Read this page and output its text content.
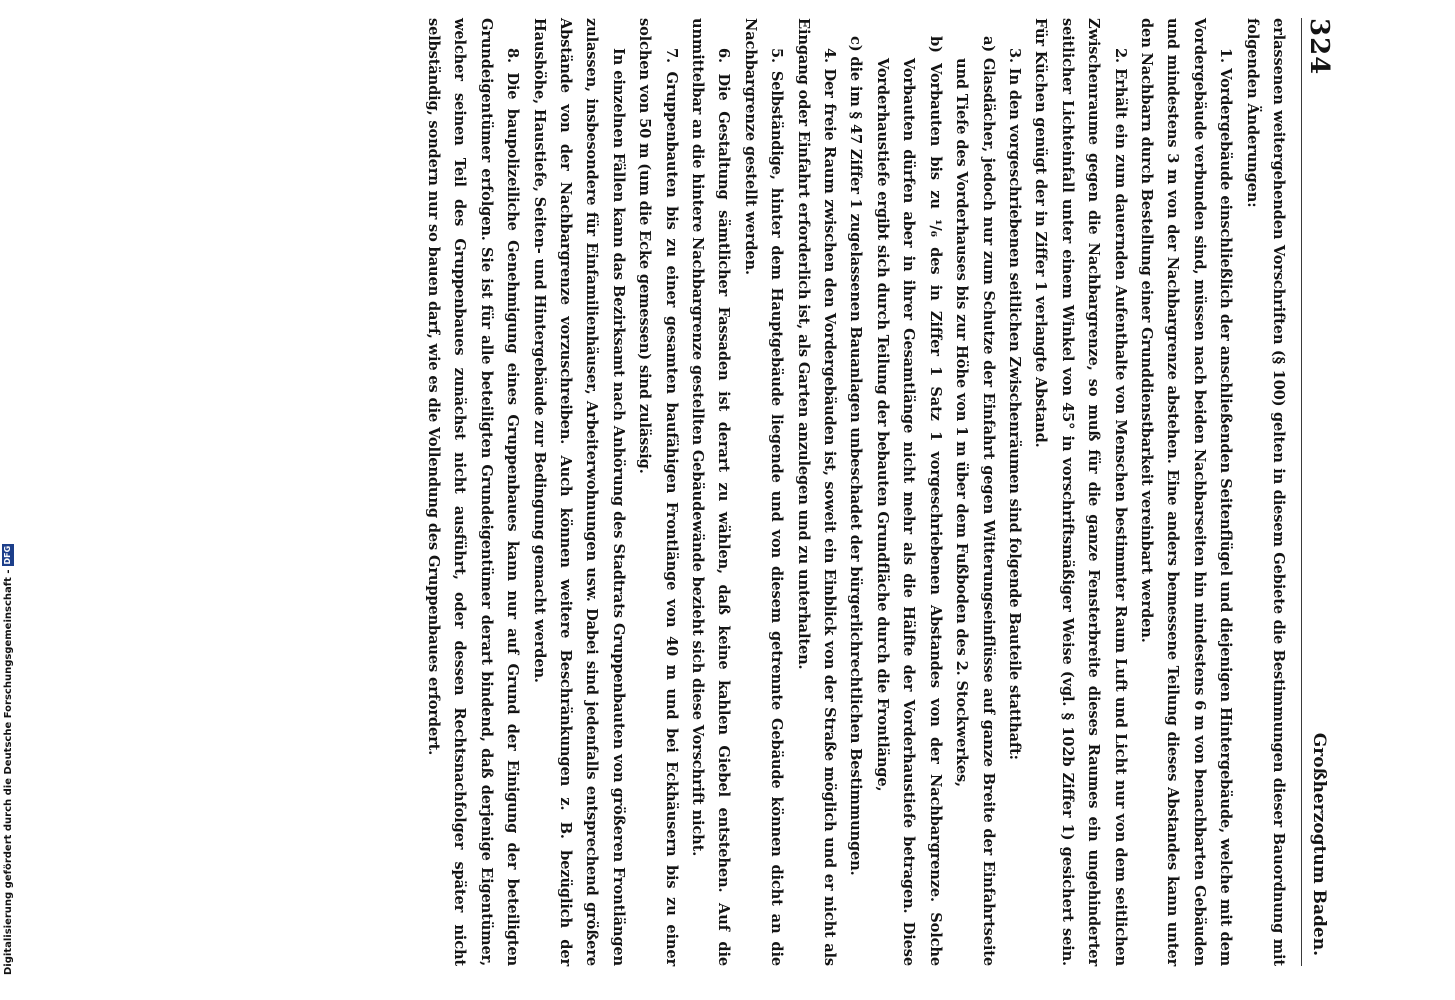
324
Großherzogtum Baden.

erlassenen weitergehenden Vorschriften (§ 100) gelten in diesem Gebiete die Bestimmungen dieser Bauordnung mit folgenden Änderungen:

1. Vordergebäude einschließlich der anschließenden Seitenflügel und diejenigen Hintergebäude, welche mit dem Vordergebäude verbunden sind, müssen nach beiden Nachbarseiten hin mindestens 6 m von benachbarten Gebäuden und mindestens 3 m von der Nachbargrenze abstehen. Eine anders bemessene Teilung dieses Abstandes kann unter den Nachbarn durch Bestellung einer Grunddienstbarkeit vereinbart werden.

2. Erhält ein zum dauernden Aufenthalte von Menschen bestimmter Raum Luft und Licht nur von dem seitlichen Zwischenraume gegen die Nachbargrenze, so muß für die ganze Fensterbreite dieses Raumes ein ungehinderter seitlicher Lichteinfall unter einem Winkel von 45° in vorschriftsmäßiger Weise (vgl. § 102b Ziffer 1) gesichert sein. Für Küchen genügt der in Ziffer 1 verlangte Abstand.

3. In den vorgeschriebenen seitlichen Zwischenräumen sind folgende Bauteile statthaft:

a) Glasdächer, jedoch nur zum Schutze der Einfahrt gegen Witterungseinflüsse auf ganze Breite der Einfahrtseite und Tiefe des Vorderhauses bis zur Höhe von 1 m über dem Fußboden des 2. Stockwerkes,

b) Vorbauten bis zu ¹/₆ des in Ziffer 1 Satz 1 vorgeschriebenen Abstandes von der Nachbargrenze. Solche Vorbauten dürfen aber in ihrer Gesamtlänge nicht mehr als die Hälfte der Vorderhaustiefe betragen. Diese Vorderhaustiefe ergibt sich durch Teilung der bebauten Grundfläche durch die Frontlänge,

c) die im § 47 Ziffer 1 zugelassenen Bauanlagen unbeschadet der bürgerlichrechtlichen Bestimmungen.

4. Der freie Raum zwischen den Vordergebäuden ist, soweit ein Einblick von der Straße möglich und er nicht als Eingang oder Einfahrt erforderlich ist, als Garten anzulegen und zu unterhalten.

5. Selbständige, hinter dem Hauptgebäude liegende und von diesem getrennte Gebäude können dicht an die Nachbargrenze gestellt werden.

6. Die Gestaltung sämtlicher Fassaden ist derart zu wählen, daß keine kahlen Giebel entstehen. Auf die unmittelbar an die hintere Nachbargrenze gestellten Gebäudewände bezieht sich diese Vorschrift nicht.

7. Gruppenbauten bis zu einer gesamten baufähigen Frontlänge von 40 m und bei Eckhäusern bis zu einer solchen von 50 m (um die Ecke gemessen) sind zulässig.

In einzelnen Fällen kann das Bezirksamt nach Anhörung des Stadtrats Gruppenbauten von größeren Frontlängen zulassen, insbesondere für Einfamilienhäuser, Arbeiterwohnungen usw. Dabei sind jedenfalls entsprechend größere Abstände von der Nachbargrenze vorzuschreiben. Auch können weitere Beschränkungen z. B. bezüglich der Haushöhe, Haustiefe, Seiten- und Hintergebäude zur Bedingung gemacht werden.

8. Die baupolizeiliche Genehmigung eines Gruppenbaues kann nur auf Grund der Einigung der beteiligten Grundeigentümer erfolgen. Sie ist für alle beteiligten Grundeigentümer derart bindend, daß derjenige Eigentümer, welcher seinen Teil des Gruppenbaues zunächst nicht ausführt, oder dessen Rechtsnachfolger später nicht selbständig, sondern nur so bauen darf, wie es die Vollendung des Gruppenbaues erfordert.

Digitalisierung gefördert durch die Deutsche Forschungsgemeinschaft -
DFG
